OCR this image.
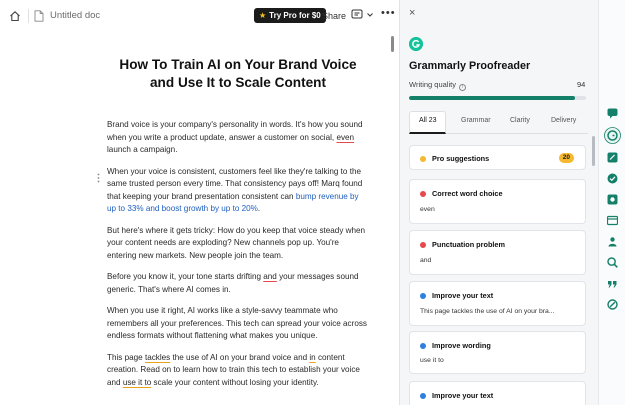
Untitled doc	★ Try Pro for $0 Share	•••
How To Train AI on Your Brand Voice and Use It to Scale Content

Brand voice is your company's personality in words. It's how you sound when you write a product update, answer a customer on social, even launch a campaign.

When your voice is consistent, customers feel like they're talking to the same trusted person every time. That consistency pays off! Marq found that keeping your brand presentation consistent can bump revenue by up to 33% and boost growth by up to 20%.

But here's where it gets tricky: How do you keep that voice steady when your content needs are exploding? New channels pop up. You're entering new markets. New people join the team.

Before you know it, your tone starts drifting and your messages sound generic. That's where AI comes in.

When you use it right, AI works like a style-savvy teammate who remembers all your preferences. This tech can spread your voice across endless formats without flattening what makes you unique.

This page tackles the use of AI on your brand voice and in content creation. Read on to learn how to train this tech to establish your voice and use it to scale your content without losing your identity.

×
Grammarly Proofreader
Writing quality i	94
All 23	Grammar	Clarity	Delivery
Pro suggestions	20
Correct word choice
even
Punctuation problem
and
Improve your text
This page tackles the use of AI on your bra...
Improve wording
use it to
Improve your text
